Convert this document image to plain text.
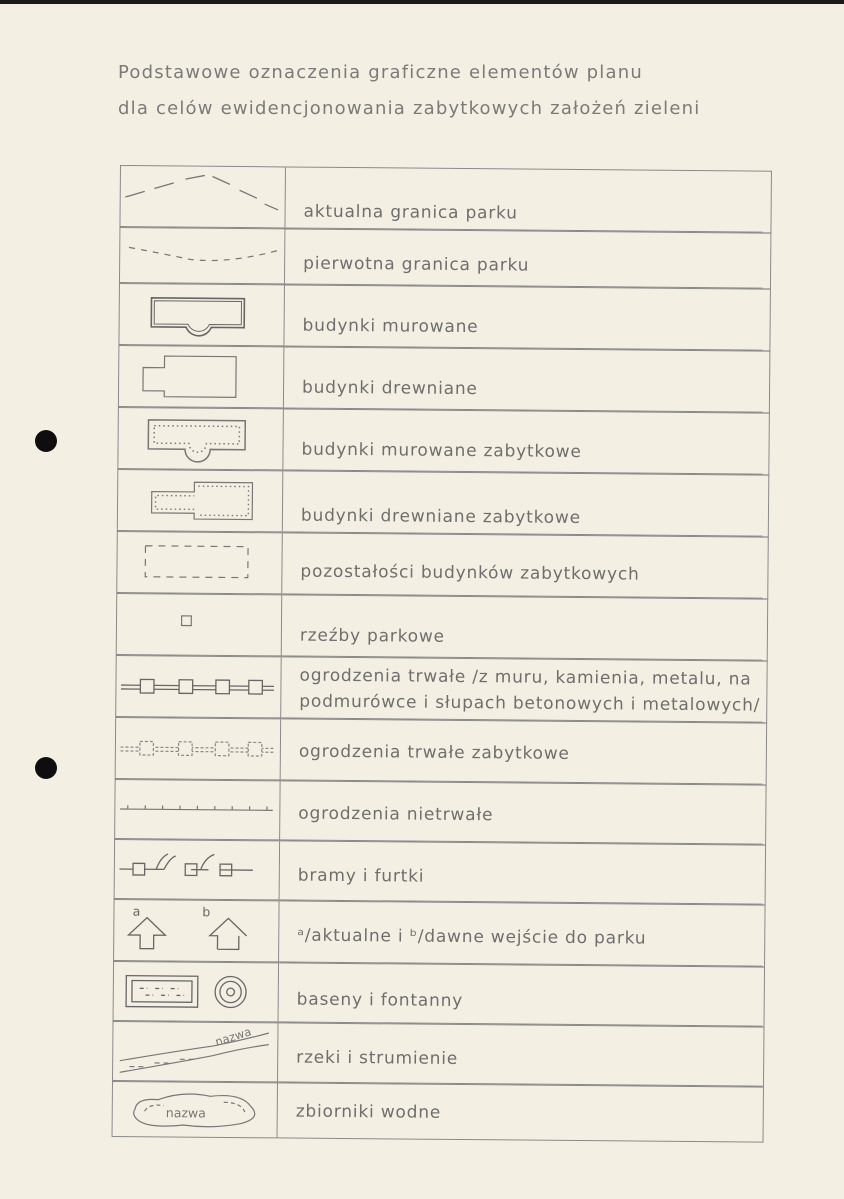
Podstawowe oznaczenia graficzne elementów planu
dla celów ewidencjonowania zabytkowych założeń zieleni
aktualna granica parku
pierwotna granica parku
budynki murowane
budynki drewniane
budynki murowane zabytkowe
budynki drewniane zabytkowe
pozostałości budynków zabytkowych
rzeźby parkowe
ogrodzenia trwałe /z muru, kamienia, metalu, na
podmurówce i słupach betonowych i metalowych/
ogrodzenia trwałe zabytkowe
ogrodzenia nietrwałe
bramy i furtki
a	b
ᵃ/aktualne i ᵇ/dawne wejście do parku
baseny i fontanny
nazwa
rzeki i strumienie
nazwa	zbiorniki wodne
